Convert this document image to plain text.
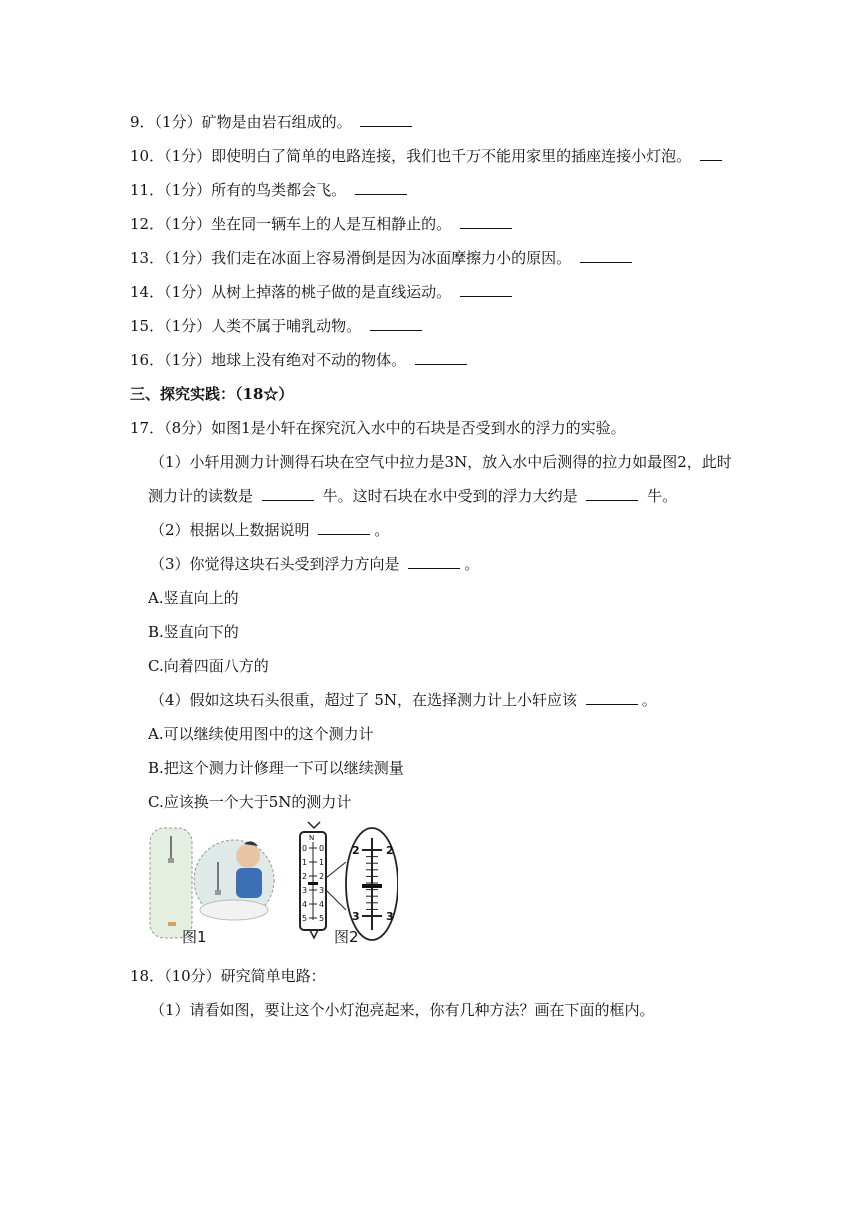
9．（1分）矿物是由岩石组成的。
10．（1分）即使明白了简单的电路连接，我们也千万不能用家里的插座连接小灯泡。
11．（1分）所有的鸟类都会飞。
12．（1分）坐在同一辆车上的人是互相静止的。
13．（1分）我们走在冰面上容易滑倒是因为冰面摩擦力小的原因。
14．（1分）从树上掉落的桃子做的是直线运动。
15．（1分）人类不属于哺乳动物。
16．（1分）地球上没有绝对不动的物体。
三、探究实践：（18☆）
17．（8分）如图1是小轩在探究沉入水中的石块是否受到水的浮力的实验。
（1）小轩用测力计测得石块在空气中拉力是3N，放入水中后测得的拉力如最图2，此时
测力计的读数是	牛。这时石块在水中受到的浮力大约是	牛。
（2）根据以上数据说明	。
（3）你觉得这块石头受到浮力方向是	。
A.竖直向上的
B.竖直向下的
C.向着四面八方的
（4）假如这块石头很重，超过了 5N，在选择测力计上小轩应该	。
A.可以继续使用图中的这个测力计
B.把这个测力计修理一下可以继续测量
C.应该换一个大于5N的测力计
图1	图2
N
0 0
1 1
2 2
3 3
4 4
5 5
2 2
3 3
18．（10分）研究简单电路：
（1）请看如图，要让这个小灯泡亮起来，你有几种方法？画在下面的框内。
